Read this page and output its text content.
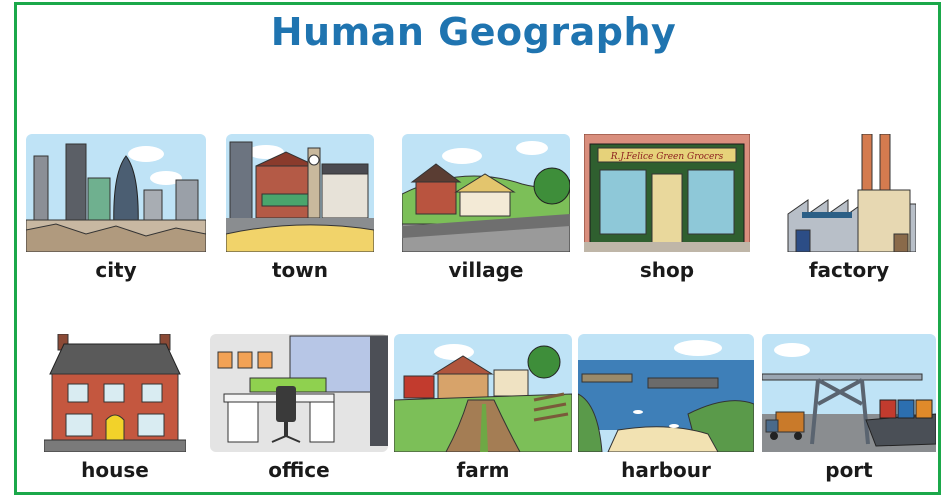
Human Geography
city	town	village
R.J.Felice Green Grocers
shop	factory
house	office	farm	harbour	port
